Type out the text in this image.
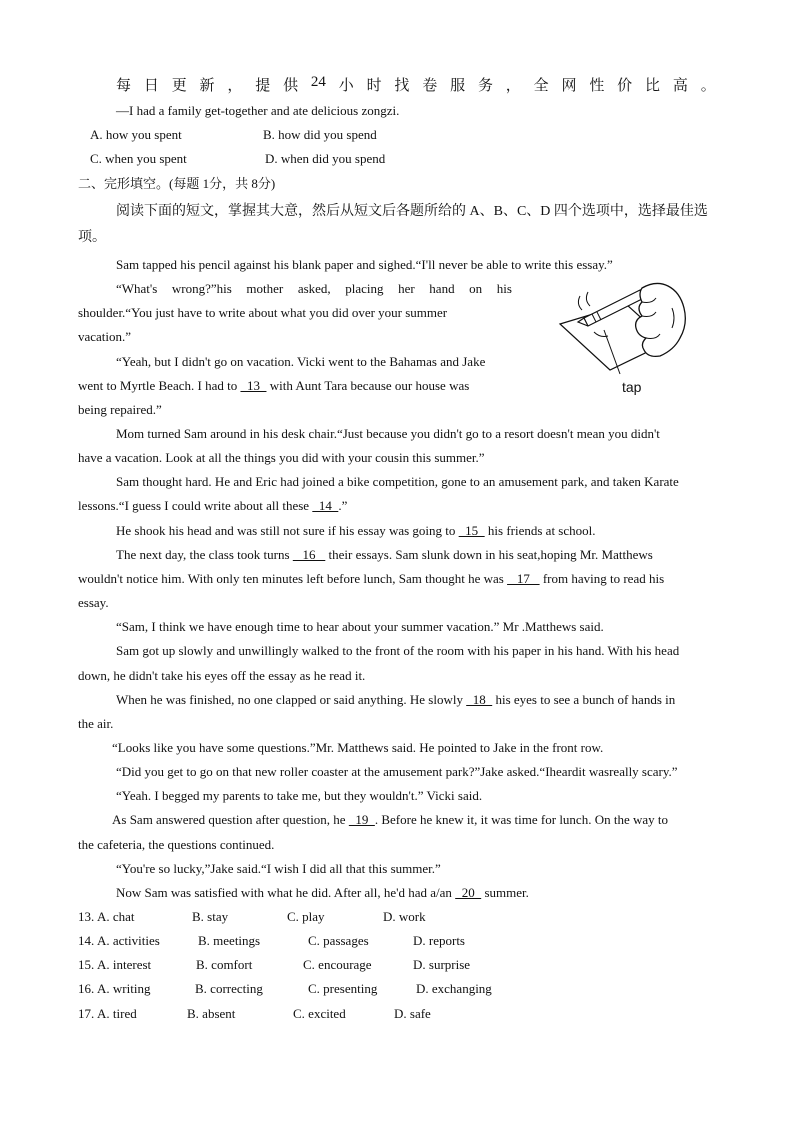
每 日 更 新 ， 提 供 24 小 时 找 卷 服 务 ， 全 网 性 价 比 高 。
—I had a family get-together and ate delicious zongzi.
A. how you spent	B. how did you spend
C. when you spent	D. when did you spend
二、完形填空。(每题 1分，共 8分)
阅读下面的短文，掌握其大意，然后从短文后各题所给的 A、B、C、D 四个选项中，选择最佳选
项。
Sam tapped his pencil against his blank paper and sighed.“I'll never be able to write this essay.”
“What's wrong?”his mother asked, placing her hand on his
shoulder.“You just have to write about what you did over your summer
vacation.”
“Yeah, but I didn't go on vacation. Vicki went to the Bahamas and Jake
went to Myrtle Beach. I had to   13   with Aunt Tara because our house was
being repaired.”
tap
Mom turned Sam around in his desk chair.“Just because you didn't go to a resort doesn't mean you didn't
have a vacation. Look at all the things you did with your cousin this summer.”
Sam thought hard. He and Eric had joined a bike competition, gone to an amusement park, and taken Karate
lessons.“I guess I could write about all these   14  .”
He shook his head and was still not sure if his essay was going to   15   his friends at school.
The next day, the class took turns    16    their essays. Sam slunk down in his seat,hoping Mr. Matthews
wouldn't notice him. With only ten minutes left before lunch, Sam thought he was    17    from having to read his
essay.
“Sam, I think we have enough time to hear about your summer vacation.” Mr .Matthews said.
Sam got up slowly and unwillingly walked to the front of the room with his paper in his hand. With his head
down, he didn't take his eyes off the essay as he read it.
When he was finished, no one clapped or said anything. He slowly   18   his eyes to see a bunch of hands in
the air.
“Looks like you have some questions.”Mr. Matthews said. He pointed to Jake in the front row.
“Did you get to go on that new roller coaster at the amusement park?”Jake asked.“Iheardit wasreally scary.”
“Yeah. I begged my parents to take me, but they wouldn't.” Vicki said.
As Sam answered question after question, he   19  . Before he knew it, it was time for lunch. On the way to
the cafeteria, the questions continued.
“You're so lucky,”Jake said.“I wish I did all that this summer.”
Now Sam was satisfied with what he did. After all, he'd had a/an   20   summer.
13. A. chat	B. stay	C. play	D. work
14. A. activities	B. meetings	C. passages	D. reports
15. A. interest	B. comfort	C. encourage	D. surprise
16. A. writing	B. correcting	C. presenting	D. exchanging
17. A. tired	B. absent	C. excited	D. safe
